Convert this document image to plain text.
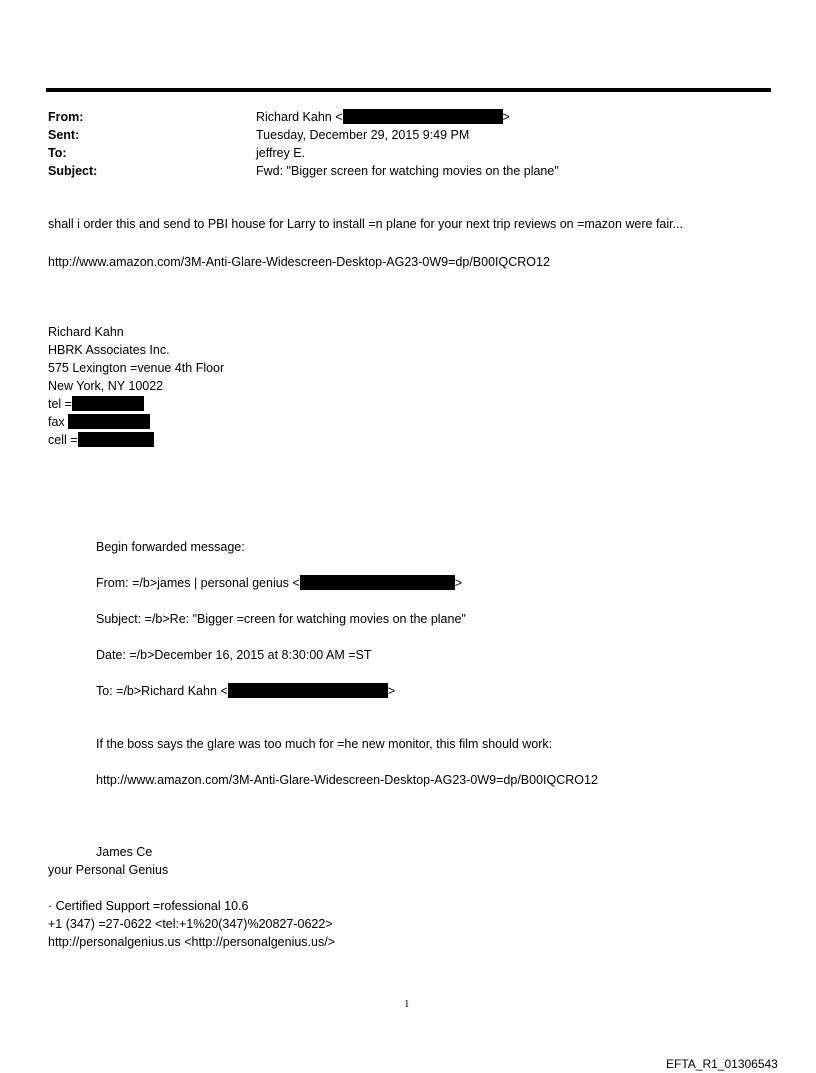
From:	Richard Kahn <	>
Sent:	Tuesday, December 29, 2015 9:49 PM
To:	jeffrey E.
Subject:	Fwd: "Bigger screen for watching movies on the plane"
shall i order this and send to PBI house for Larry to install =n plane for your next trip reviews on =mazon were fair...
http://www.amazon.com/3M-Anti-Glare-Widescreen-Desktop-AG23-0W9=dp/B00IQCRO12
Richard Kahn
HBRK Associates Inc.
575 Lexington =venue 4th Floor
New York, NY 10022
tel =
fax
cell =
Begin forwarded message:
From: =/b>james | personal genius <	>
Subject: =/b>Re: "Bigger =creen for watching movies on the plane"
Date: =/b>December 16, 2015 at 8:30:00 AM =ST
To: =/b>Richard Kahn <	>
If the boss says the glare was too much for =he new monitor, this film should work:
http://www.amazon.com/3M-Anti-Glare-Widescreen-Desktop-AG23-0W9=dp/B00IQCRO12
James Ce
your Personal Genius
· Certified Support =rofessional 10.6
+1 (347) =27-0622 <tel:+1%20(347)%20827-0622>
http://personalgenius.us <http://personalgenius.us/>
1
EFTA_R1_01306543
